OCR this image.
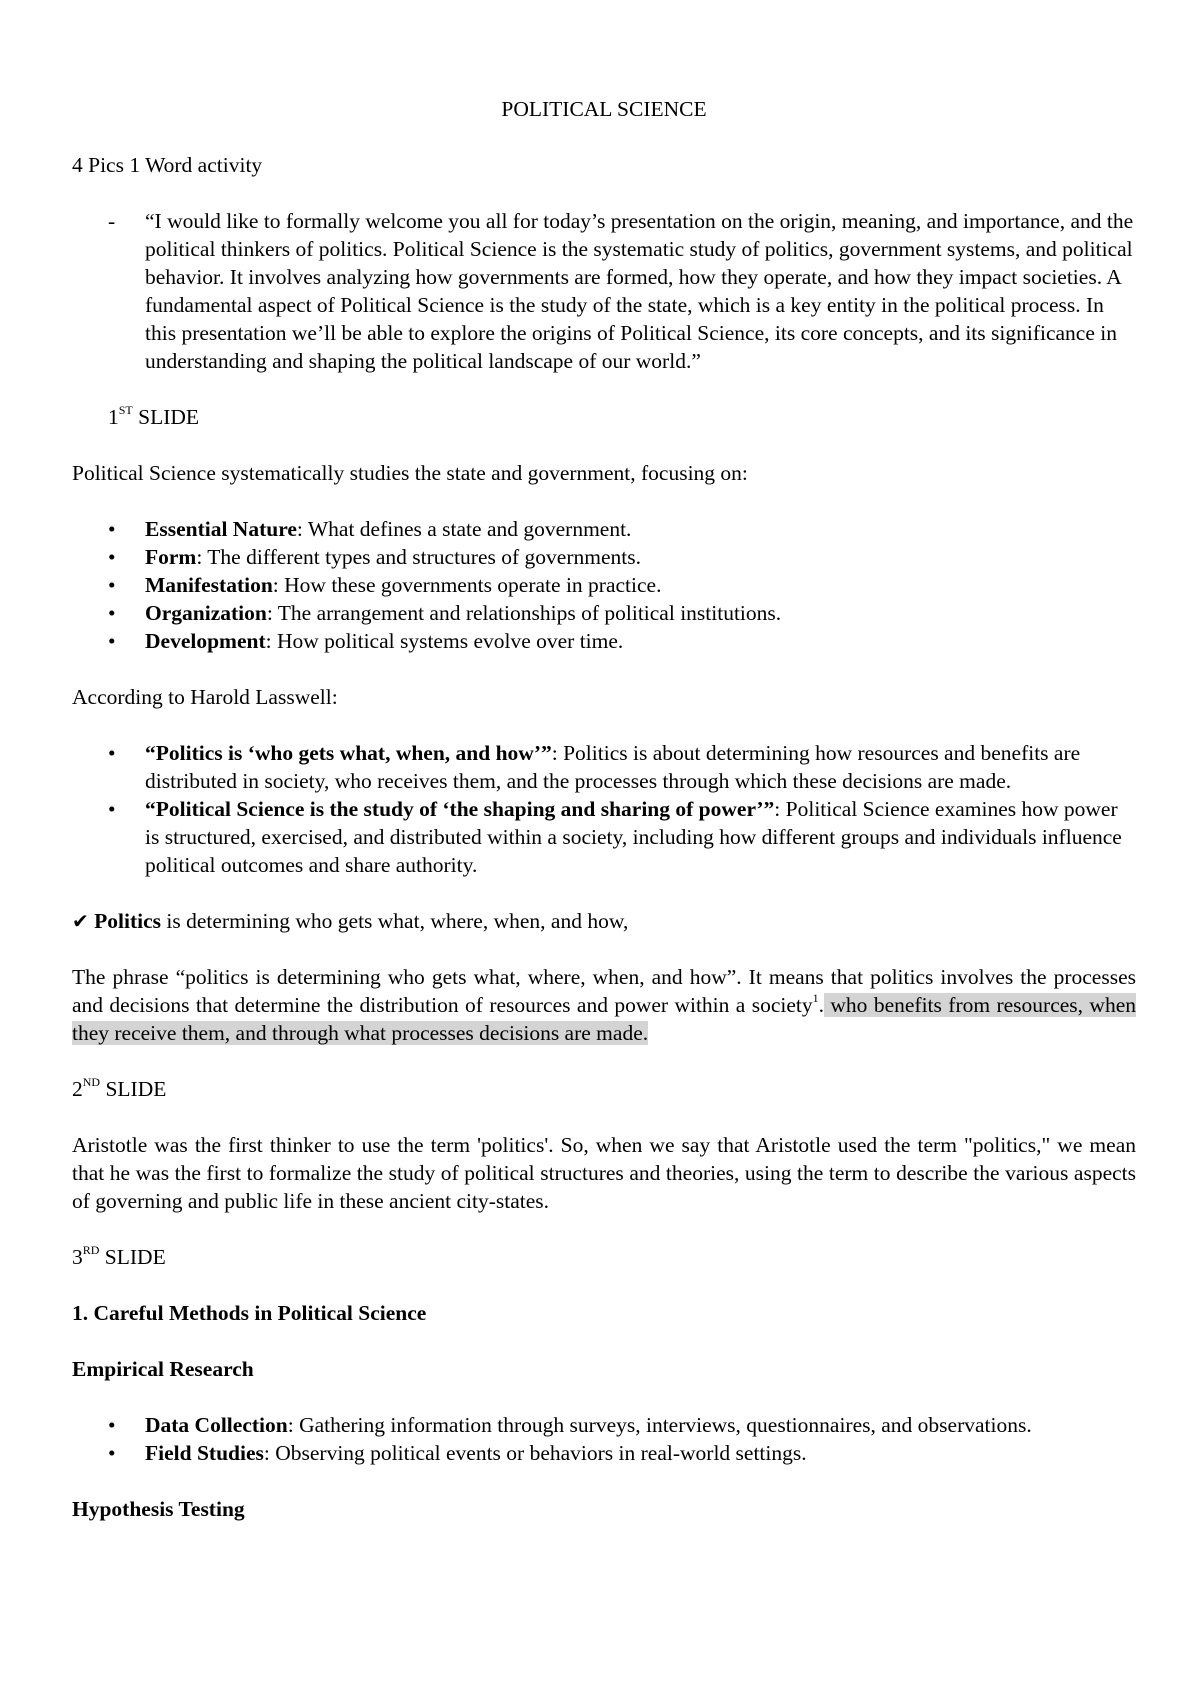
POLITICAL SCIENCE

4 Pics 1 Word activity

-	“I would like to formally welcome you all for today’s presentation on the origin, meaning, and importance, and the political thinkers of politics. Political Science is the systematic study of politics, government systems, and political behavior. It involves analyzing how governments are formed, how they operate, and how they impact societies. A fundamental aspect of Political Science is the study of the state, which is a key entity in the political process. In this presentation we’ll be able to explore the origins of Political Science, its core concepts, and its significance in understanding and shaping the political landscape of our world.”
1ST SLIDE

Political Science systematically studies the state and government, focusing on:

•	Essential Nature: What defines a state and government.
•	Form: The different types and structures of governments.
•	Manifestation: How these governments operate in practice.
•	Organization: The arrangement and relationships of political institutions.
•	Development: How political systems evolve over time.

According to Harold Lasswell:

•	“Politics is ‘who gets what, when, and how’”: Politics is about determining how resources and benefits are distributed in society, who receives them, and the processes through which these decisions are made.
•	“Political Science is the study of ‘the shaping and sharing of power’”: Political Science examines how power is structured, exercised, and distributed within a society, including how different groups and individuals influence political outcomes and share authority.

✔ Politics is determining who gets what, where, when, and how,

The phrase “politics is determining who gets what, where, when, and how”. It means that politics involves the processes and decisions that determine the distribution of resources and power within a society$^1$. who benefits from resources, when they receive them, and through what processes decisions are made.

2ND SLIDE

Aristotle was the first thinker to use the term 'politics'. So, when we say that Aristotle used the term "politics," we mean that he was the first to formalize the study of political structures and theories, using the term to describe the various aspects of governing and public life in these ancient city-states.

3RD SLIDE
1. Careful Methods in Political Science
Empirical Research
•	Data Collection: Gathering information through surveys, interviews, questionnaires, and observations.
•	Field Studies: Observing political events or behaviors in real-world settings.
Hypothesis Testing
